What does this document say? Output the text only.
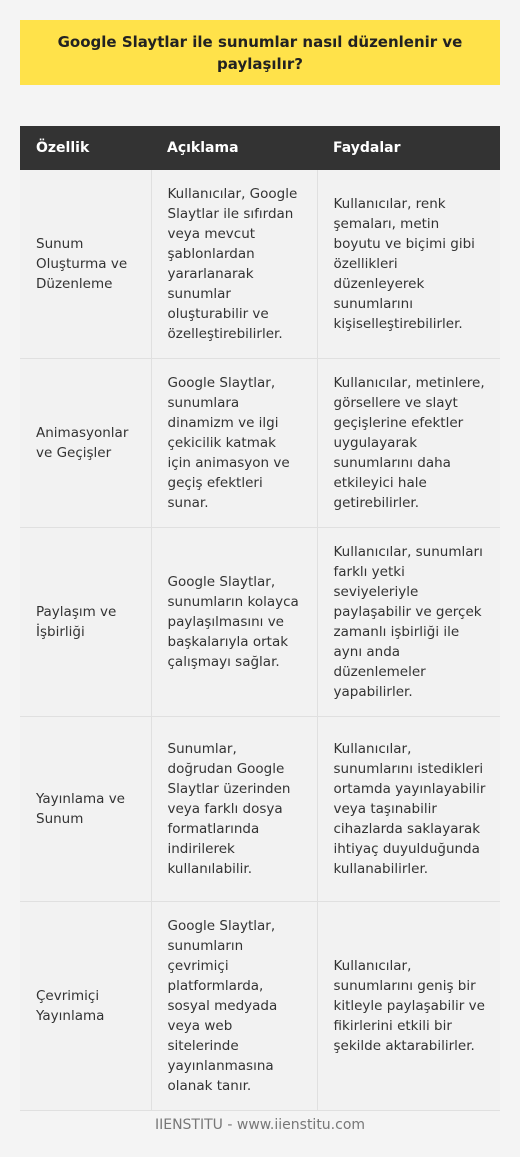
Google Slaytlar ile sunumlar nasıl düzenlenir ve paylaşılır?
Özellik	Açıklama	Faydalar
Sunum Oluşturma ve Düzenleme	Kullanıcılar, Google Slaytlar ile sıfırdan veya mevcut şablonlardan yararlanarak sunumlar oluşturabilir ve özelleştirebilirler.	Kullanıcılar, renk şemaları, metin boyutu ve biçimi gibi özellikleri düzenleyerek sunumlarını kişiselleştirebilirler.
Animasyonlar ve Geçişler	Google Slaytlar, sunumlara dinamizm ve ilgi çekicilik katmak için animasyon ve geçiş efektleri sunar.	Kullanıcılar, metinlere, görsellere ve slayt geçişlerine efektler uygulayarak sunumlarını daha etkileyici hale getirebilirler.
Paylaşım ve İşbirliği	Google Slaytlar, sunumların kolayca paylaşılmasını ve başkalarıyla ortak çalışmayı sağlar.	Kullanıcılar, sunumları farklı yetki seviyeleriyle paylaşabilir ve gerçek zamanlı işbirliği ile aynı anda düzenlemeler yapabilirler.
Yayınlama ve Sunum	Sunumlar, doğrudan Google Slaytlar üzerinden veya farklı dosya formatlarında indirilerek kullanılabilir.	Kullanıcılar, sunumlarını istedikleri ortamda yayınlayabilir veya taşınabilir cihazlarda saklayarak ihtiyaç duyulduğunda kullanabilirler.
Çevrimiçi Yayınlama	Google Slaytlar, sunumların çevrimiçi platformlarda, sosyal medyada veya web sitelerinde yayınlanmasına olanak tanır.	Kullanıcılar, sunumlarını geniş bir kitleyle paylaşabilir ve fikirlerini etkili bir şekilde aktarabilirler.
IIENSTITU - www.iienstitu.com
